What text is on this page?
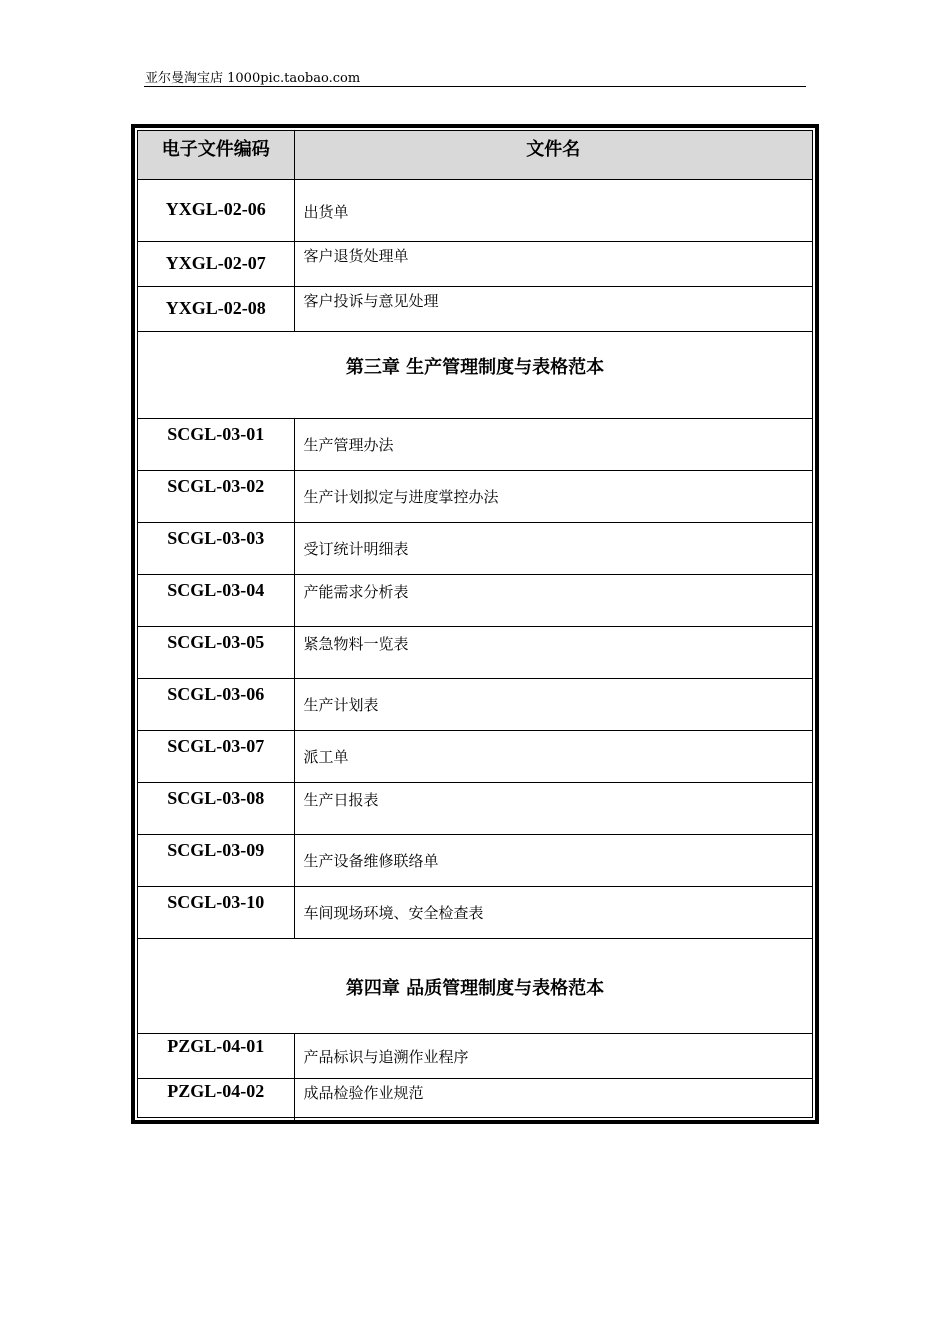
亚尔曼淘宝店 1000pic.taobao.com
电子文件编码	文件名

YXGL-02-06	出货单

YXGL-02-07	客户退货处理单

YXGL-02-08	客户投诉与意见处理

第三章 生产管理制度与表格范本	

SCGL-03-01	生产管理办法

SCGL-03-02	生产计划拟定与进度掌控办法

SCGL-03-03	受订统计明细表

SCGL-03-04	产能需求分析表

SCGL-03-05	紧急物料一览表

SCGL-03-06	生产计划表

SCGL-03-07	派工单

SCGL-03-08	生产日报表

SCGL-03-09	生产设备维修联络单

SCGL-03-10	车间现场环境、安全检查表

第四章 品质管理制度与表格范本	

PZGL-04-01	产品标识与追溯作业程序

PZGL-04-02	成品检验作业规范
